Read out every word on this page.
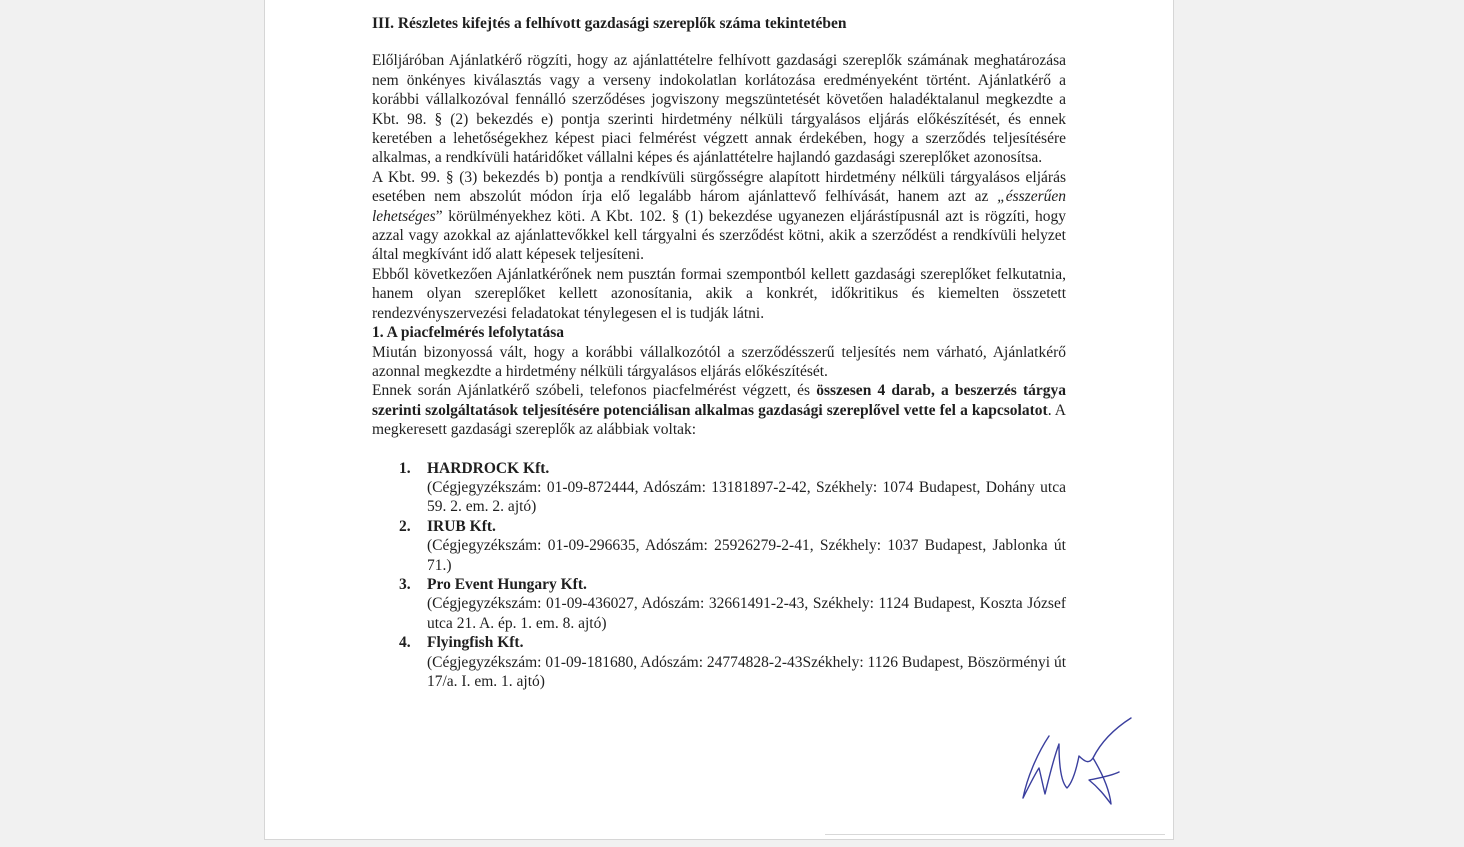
III. Részletes kifejtés a felhívott gazdasági szereplők száma tekintetében

Előljáróban Ajánlatkérő rögzíti, hogy az ajánlattételre felhívott gazdasági szereplők számának meghatározása nem önkényes kiválasztás vagy a verseny indokolatlan korlátozása eredményeként történt. Ajánlatkérő a korábbi vállalkozóval fennálló szerződéses jogviszony megszüntetését követően haladéktalanul megkezdte a Kbt. 98. § (2) bekezdés e) pontja szerinti hirdetmény nélküli tárgyalásos eljárás előkészítését, és ennek keretében a lehetőségekhez képest piaci felmérést végzett annak érdekében, hogy a szerződés teljesítésére alkalmas, a rendkívüli határidőket vállalni képes és ajánlattételre hajlandó gazdasági szereplőket azonosítsa.

A Kbt. 99. § (3) bekezdés b) pontja a rendkívüli sürgősségre alapított hirdetmény nélküli tárgyalásos eljárás esetében nem abszolút módon írja elő legalább három ajánlattevő felhívását, hanem azt az „ésszerűen lehetséges” körülményekhez köti. A Kbt. 102. § (1) bekezdése ugyanezen eljárástípusnál azt is rögzíti, hogy azzal vagy azokkal az ajánlattevőkkel kell tárgyalni és szerződést kötni, akik a szerződést a rendkívüli helyzet által megkívánt idő alatt képesek teljesíteni.

Ebből következően Ajánlatkérőnek nem pusztán formai szempontból kellett gazdasági szereplőket felkutatnia, hanem olyan szereplőket kellett azonosítania, akik a konkrét, időkritikus és kiemelten összetett rendezvényszervezési feladatokat ténylegesen el is tudják látni.

1. A piacfelmérés lefolytatása

Miután bizonyossá vált, hogy a korábbi vállalkozótól a szerződésszerű teljesítés nem várható, Ajánlatkérő azonnal megkezdte a hirdetmény nélküli tárgyalásos eljárás előkészítését.

Ennek során Ajánlatkérő szóbeli, telefonos piacfelmérést végzett, és összesen 4 darab, a beszerzés tárgya szerinti szolgáltatások teljesítésére potenciálisan alkalmas gazdasági szereplővel vette fel a kapcsolatot. A megkeresett gazdasági szereplők az alábbiak voltak:

1. HARDROCK Kft.
(Cégjegyzékszám: 01-09-872444, Adószám: 13181897-2-42, Székhely: 1074 Budapest, Dohány utca 59. 2. em. 2. ajtó)
2. IRUB Kft.
(Cégjegyzékszám: 01-09-296635, Adószám: 25926279-2-41, Székhely: 1037 Budapest, Jablonka út 71.)
3. Pro Event Hungary Kft.
(Cégjegyzékszám: 01-09-436027, Adószám: 32661491-2-43, Székhely: 1124 Budapest, Koszta József utca 21. A. ép. 1. em. 8. ajtó)
4. Flyingfish Kft.
(Cégjegyzékszám: 01-09-181680, Adószám: 24774828-2-43Székhely: 1126 Budapest, Böszörményi út 17/a. I. em. 1. ajtó)
